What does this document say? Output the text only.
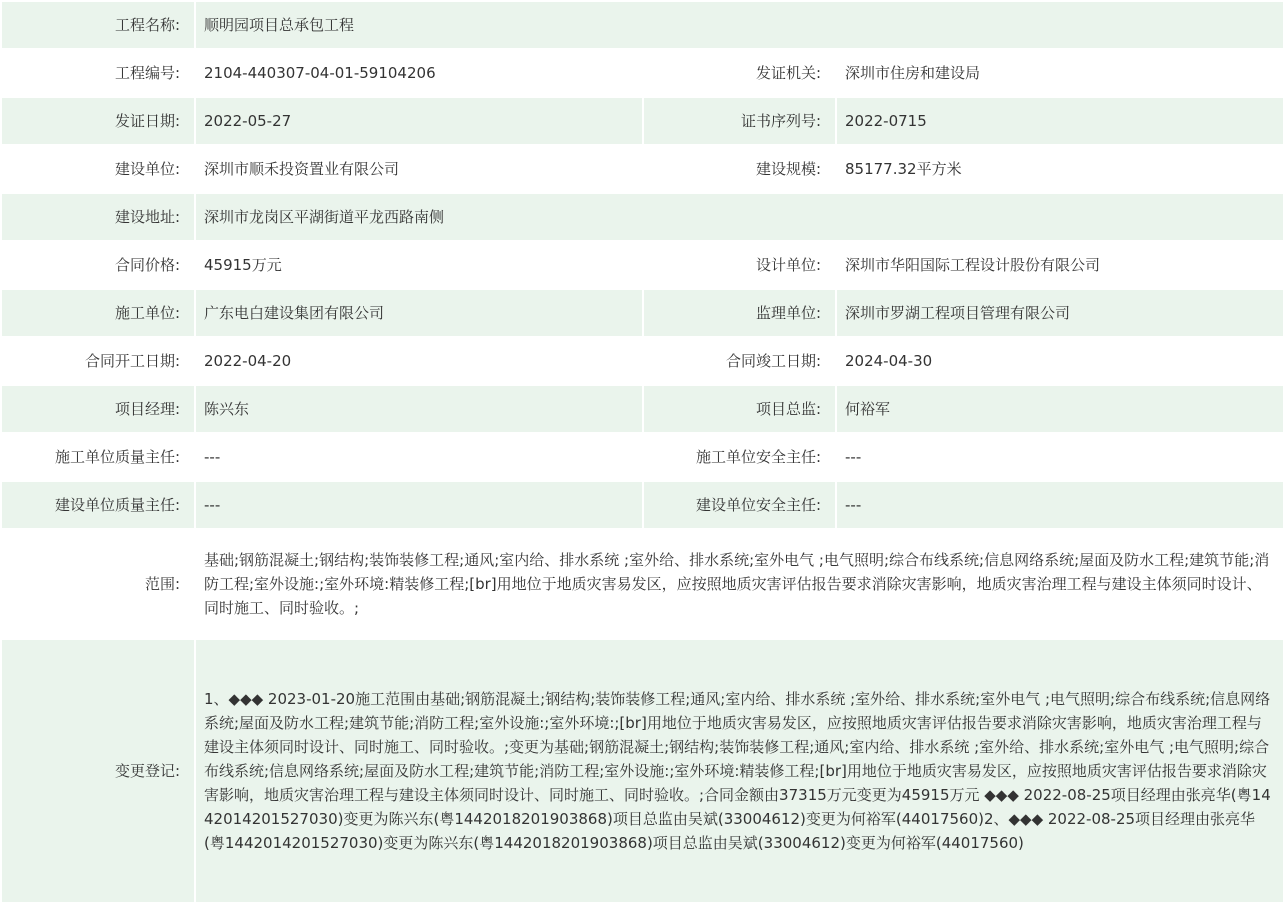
工程名称:	顺明园项目总承包工程		
工程编号:	2104-440307-04-01-59104206	发证机关:	深圳市住房和建设局
发证日期:	2022-05-27	证书序列号:	2022-0715
建设单位:	深圳市顺禾投资置业有限公司	建设规模:	85177.32平方米
建设地址:	深圳市龙岗区平湖街道平龙西路南侧		
合同价格:	45915万元	设计单位:	深圳市华阳国际工程设计股份有限公司
施工单位:	广东电白建设集团有限公司	监理单位:	深圳市罗湖工程项目管理有限公司
合同开工日期:	2022-04-20	合同竣工日期:	2024-04-30
项目经理:	陈兴东	项目总监:	何裕军
施工单位质量主任:	---	施工单位安全主任:	---
建设单位质量主任:	---	建设单位安全主任:	---
范围:	基础;钢筋混凝土;钢结构;装饰装修工程;通风;室内给、排水系统 ;室外给、排水系统;室外电气 ;电气照明;综合布线系统;信息网络系统;屋面及防水工程;建筑节能;消防工程;室外设施:;室外环境:精装修工程;[br]用地位于地质灾害易发区，应按照地质灾害评估报告要求消除灾害影响，地质灾害治理工程与建设主体须同时设计、同时施工、同时验收。;		
变更登记:	1、◆◆◆ 2023-01-20施工范围由基础;钢筋混凝土;钢结构;装饰装修工程;通风;室内给、排水系统 ;室外给、排水系统;室外电气 ;电气照明;综合布线系统;信息网络系统;屋面及防水工程;建筑节能;消防工程;室外设施:;室外环境:;[br]用地位于地质灾害易发区，应按照地质灾害评估报告要求消除灾害影响，地质灾害治理工程与建设主体须同时设计、同时施工、同时验收。;变更为基础;钢筋混凝土;钢结构;装饰装修工程;通风;室内给、排水系统 ;室外给、排水系统;室外电气 ;电气照明;综合布线系统;信息网络系统;屋面及防水工程;建筑节能;消防工程;室外设施:;室外环境:精装修工程;[br]用地位于地质灾害易发区，应按照地质灾害评估报告要求消除灾害影响，地质灾害治理工程与建设主体须同时设计、同时施工、同时验收。;合同金额由37315万元变更为45915万元 ◆◆◆ 2022-08-25项目经理由张亮华(粤1442014201527030)变更为陈兴东(粤1442018201903868)项目总监由吴斌(33004612)变更为何裕军(44017560)2、◆◆◆ 2022-08-25项目经理由张亮华(粤1442014201527030)变更为陈兴东(粤1442018201903868)项目总监由吴斌(33004612)变更为何裕军(44017560)		
